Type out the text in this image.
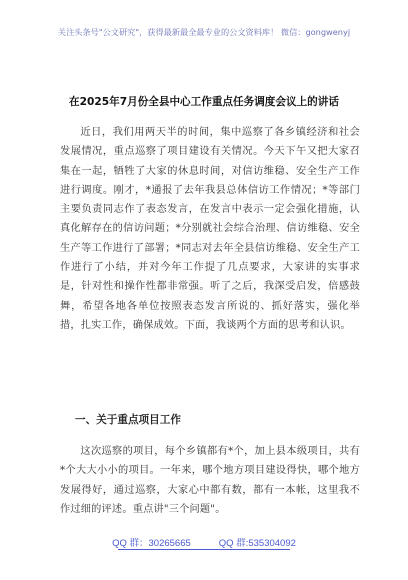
关注头条号"公文研究"，获得最新最全最专业的公文资料库！ 微信：gongwenyj
在2025年7月份全县中心工作重点任务调度会议上的讲话

近日，我们用两天半的时间，集中巡察了各乡镇经济和社会发展情况，重点巡察了项目建设有关情况。今天下午又把大家召集在一起，牺牲了大家的休息时间，对信访维稳、安全生产工作进行调度。刚才，*通报了去年我县总体信访工作情况；*等部门主要负责同志作了表态发言，在发言中表示一定会强化措施，认真化解存在的信访问题；*分别就社会综合治理、信访维稳、安全生产等工作进行了部署；*同志对去年全县信访维稳、安全生产工作进行了小结，并对今年工作提了几点要求，大家讲的实事求是，针对性和操作性都非常强。听了之后，我深受启发，倍感鼓舞，希望各地各单位按照表态发言所说的、抓好落实，强化举措，扎实工作，确保成效。下面，我谈两个方面的思考和认识。

一、关于重点项目工作

这次巡察的项目，每个乡镇都有*个，加上县本级项目，共有*个大大小小的项目。一年来，哪个地方项目建设得快，哪个地方发展得好，通过巡察，大家心中都有数，都有一本帐，这里我不作过细的评述。重点讲"三个问题"。

QQ 群：30265665	QQ 群:535304092
